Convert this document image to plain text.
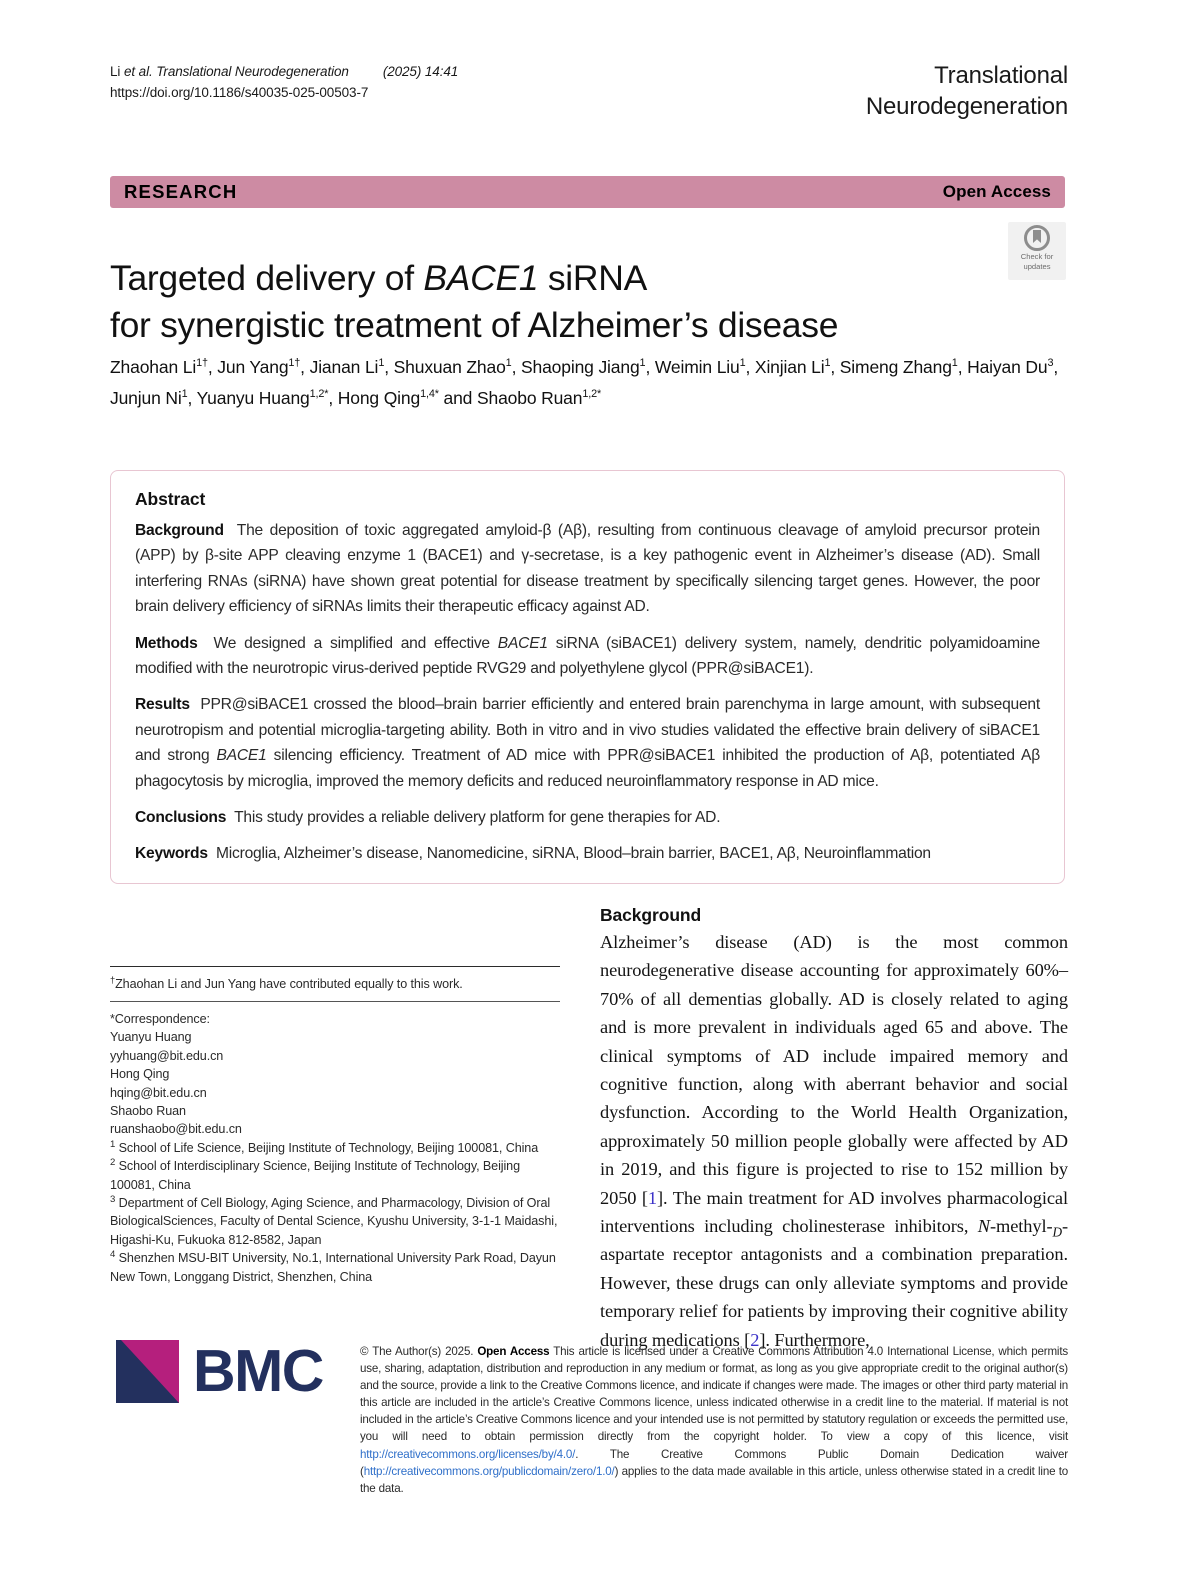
Li et al. Translational Neurodegeneration	(2025) 14:41
https://doi.org/10.1186/s40035-025-00503-7
Translational
Neurodegeneration
RESEARCH	Open Access
Targeted delivery of BACE1 siRNA
for synergistic treatment of Alzheimer’s disease
Check for
updates
Zhaohan $Li^{1\dagger}$, Jun Yang$^{1\dagger}$, Jianan Li$^1$, Shuxuan Zhao$^1$, Shaoping Jiang$^1$, Weimin Liu$^1$, Xinjian Li$^1$, Simeng Zhang$^1$, Haiyan Du$^3$, Junjun Ni$^1$, Yuanyu Huang$^{1,2*}$, Hong Qing$^{1,4*}$ and Shaobo Ruan$^{1,2*}$
Abstract

Background The deposition of toxic aggregated amyloid-β (Aβ), resulting from continuous cleavage of amyloid precursor protein (APP) by β-site APP cleaving enzyme 1 (BACE1) and γ-secretase, is a key pathogenic event in Alzheimer’s disease (AD). Small interfering RNAs (siRNA) have shown great potential for disease treatment by specifically silencing target genes. However, the poor brain delivery efficiency of siRNAs limits their therapeutic efficacy against AD.

Methods We designed a simplified and effective BACE1 siRNA (siBACE1) delivery system, namely, dendritic polyamidoamine modified with the neurotropic virus-derived peptide RVG29 and polyethylene glycol (PPR@siBACE1).

Results PPR@siBACE1 crossed the blood–brain barrier efficiently and entered brain parenchyma in large amount, with subsequent neurotropism and potential microglia-targeting ability. Both in vitro and in vivo studies validated the effective brain delivery of siBACE1 and strong BACE1 silencing efficiency. Treatment of AD mice with PPR@siBACE1 inhibited the production of Aβ, potentiated Aβ phagocytosis by microglia, improved the memory deficits and reduced neuroinflammatory response in AD mice.

Conclusions This study provides a reliable delivery platform for gene therapies for AD.

Keywords Microglia, Alzheimer’s disease, Nanomedicine, siRNA, Blood–brain barrier, BACE1, Aβ, Neuroinflammation

†Zhaohan Li and Jun Yang have contributed equally to this work.
*Correspondence:
Yuanyu Huang
yyhuang@bit.edu.cn
Hong Qing
hqing@bit.edu.cn
Shaobo Ruan
ruanshaobo@bit.edu.cn
$^1$ School of Life Science, Beijing Institute of Technology, Beijing 100081, China
$^2$ School of Interdisciplinary Science, Beijing Institute of Technology, Beijing 100081, China
$^3$ Department of Cell Biology, Aging Science, and Pharmacology, Division of Oral BiologicalSciences, Faculty of Dental Science, Kyushu University, 3-1-1 Maidashi, Higashi-Ku, Fukuoka 812-8582, Japan
$^4$ Shenzhen MSU-BIT University, No.1, International University Park Road, Dayun New Town, Longgang District, Shenzhen, China
Background

Alzheimer’s disease (AD) is the most common neurodegenerative disease accounting for approximately 60%–70% of all dementias globally. AD is closely related to aging and is more prevalent in individuals aged 65 and above. The clinical symptoms of AD include impaired memory and cognitive function, along with aberrant behavior and social dysfunction. According to the World Health Organization, approximately 50 million people globally were affected by AD in 2019, and this figure is projected to rise to 152 million by 2050 [1]. The main treatment for AD involves pharmacological interventions including cholinesterase inhibitors, $N-methyl-_D$-aspartate receptor antagonists and a combination preparation. However, these drugs can only alleviate symptoms and provide temporary relief for patients by improving their cognitive ability during medications [2]. Furthermore,

BMC	© The Author(s) 2025. Open Access This article is licensed under a Creative Commons Attribution 4.0 International License, which permits use, sharing, adaptation, distribution and reproduction in any medium or format, as long as you give appropriate credit to the original author(s) and the source, provide a link to the Creative Commons licence, and indicate if changes were made. The images or other third party material in this article are included in the article’s Creative Commons licence, unless indicated otherwise in a credit line to the material. If material is not included in the article’s Creative Commons licence and your intended use is not permitted by statutory regulation or exceeds the permitted use, you will need to obtain permission directly from the copyright holder. To view a copy of this licence, visit http://creativecommons.org/licenses/by/4.0/. The Creative Commons Public Domain Dedication waiver (http://creativecommons.org/publicdomain/zero/1.0/) applies to the data made available in this article, unless otherwise stated in a credit line to the data.
